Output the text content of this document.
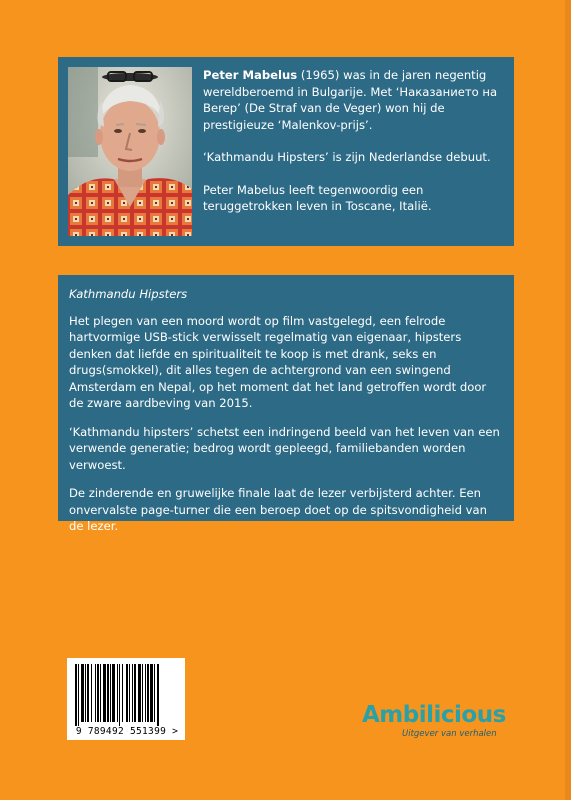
Peter Mabelus (1965) was in de jaren negentig wereldberoemd in Bulgarije. Met ‘Наказанието на Berep’ (De Straf van de Veger) won hij de prestigieuze ‘Malenkov-prijs’.

‘Kathmandu Hipsters’ is zijn Nederlandse debuut.

Peter Mabelus leeft tegenwoordig een teruggetrokken leven in Toscane, Italië.

Kathmandu Hipsters

Het plegen van een moord wordt op film vastgelegd, een felrode hartvormige USB-stick verwisselt regelmatig van eigenaar, hipsters denken dat liefde en spiritualiteit te koop is met drank, seks en drugs(smokkel), dit alles tegen de achtergrond van een swingend Amsterdam en Nepal, op het moment dat het land getroffen wordt door de zware aardbeving van 2015.

‘Kathmandu hipsters’ schetst een indringend beeld van het leven van een verwende generatie; bedrog wordt gepleegd, familiebanden worden verwoest.

De zinderende en gruwelijke finale laat de lezer verbijsterd achter. Een onvervalste page-turner die een beroep doet op de spitsvondigheid van de lezer.

9 789492 551399 >
Ambilicious
Uitgever van verhalen
